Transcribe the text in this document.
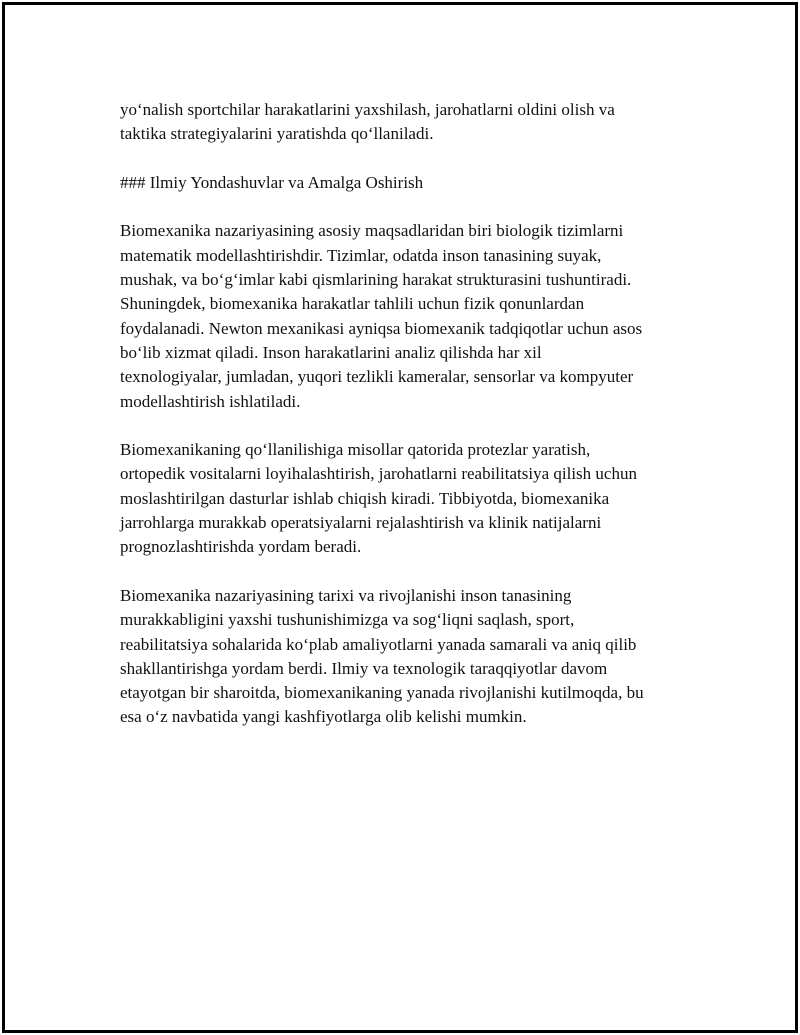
yo‘nalish sportchilar harakatlarini yaxshilash, jarohatlarni oldini olish va
taktika strategiyalarini yaratishda qo‘llaniladi.

### Ilmiy Yondashuvlar va Amalga Oshirish

Biomexanika nazariyasining asosiy maqsadlaridan biri biologik tizimlarni
matematik modellashtirishdir. Tizimlar, odatda inson tanasining suyak,
mushak, va bo‘g‘imlar kabi qismlarining harakat strukturasini tushuntiradi.
Shuningdek, biomexanika harakatlar tahlili uchun fizik qonunlardan
foydalanadi. Newton mexanikasi ayniqsa biomexanik tadqiqotlar uchun asos
bo‘lib xizmat qiladi. Inson harakatlarini analiz qilishda har xil
texnologiyalar, jumladan, yuqori tezlikli kameralar, sensorlar va kompyuter
modellashtirish ishlatiladi.

Biomexanikaning qo‘llanilishiga misollar qatorida protezlar yaratish,
ortopedik vositalarni loyihalashtirish, jarohatlarni reabilitatsiya qilish uchun
moslashtirilgan dasturlar ishlab chiqish kiradi. Tibbiyotda, biomexanika
jarrohlarga murakkab operatsiyalarni rejalashtirish va klinik natijalarni
prognozlashtirishda yordam beradi.

Biomexanika nazariyasining tarixi va rivojlanishi inson tanasining
murakkabligini yaxshi tushunishimizga va sog‘liqni saqlash, sport,
reabilitatsiya sohalarida ko‘plab amaliyotlarni yanada samarali va aniq qilib
shakllantirishga yordam berdi. Ilmiy va texnologik taraqqiyotlar davom
etayotgan bir sharoitda, biomexanikaning yanada rivojlanishi kutilmoqda, bu
esa o‘z navbatida yangi kashfiyotlarga olib kelishi mumkin.
